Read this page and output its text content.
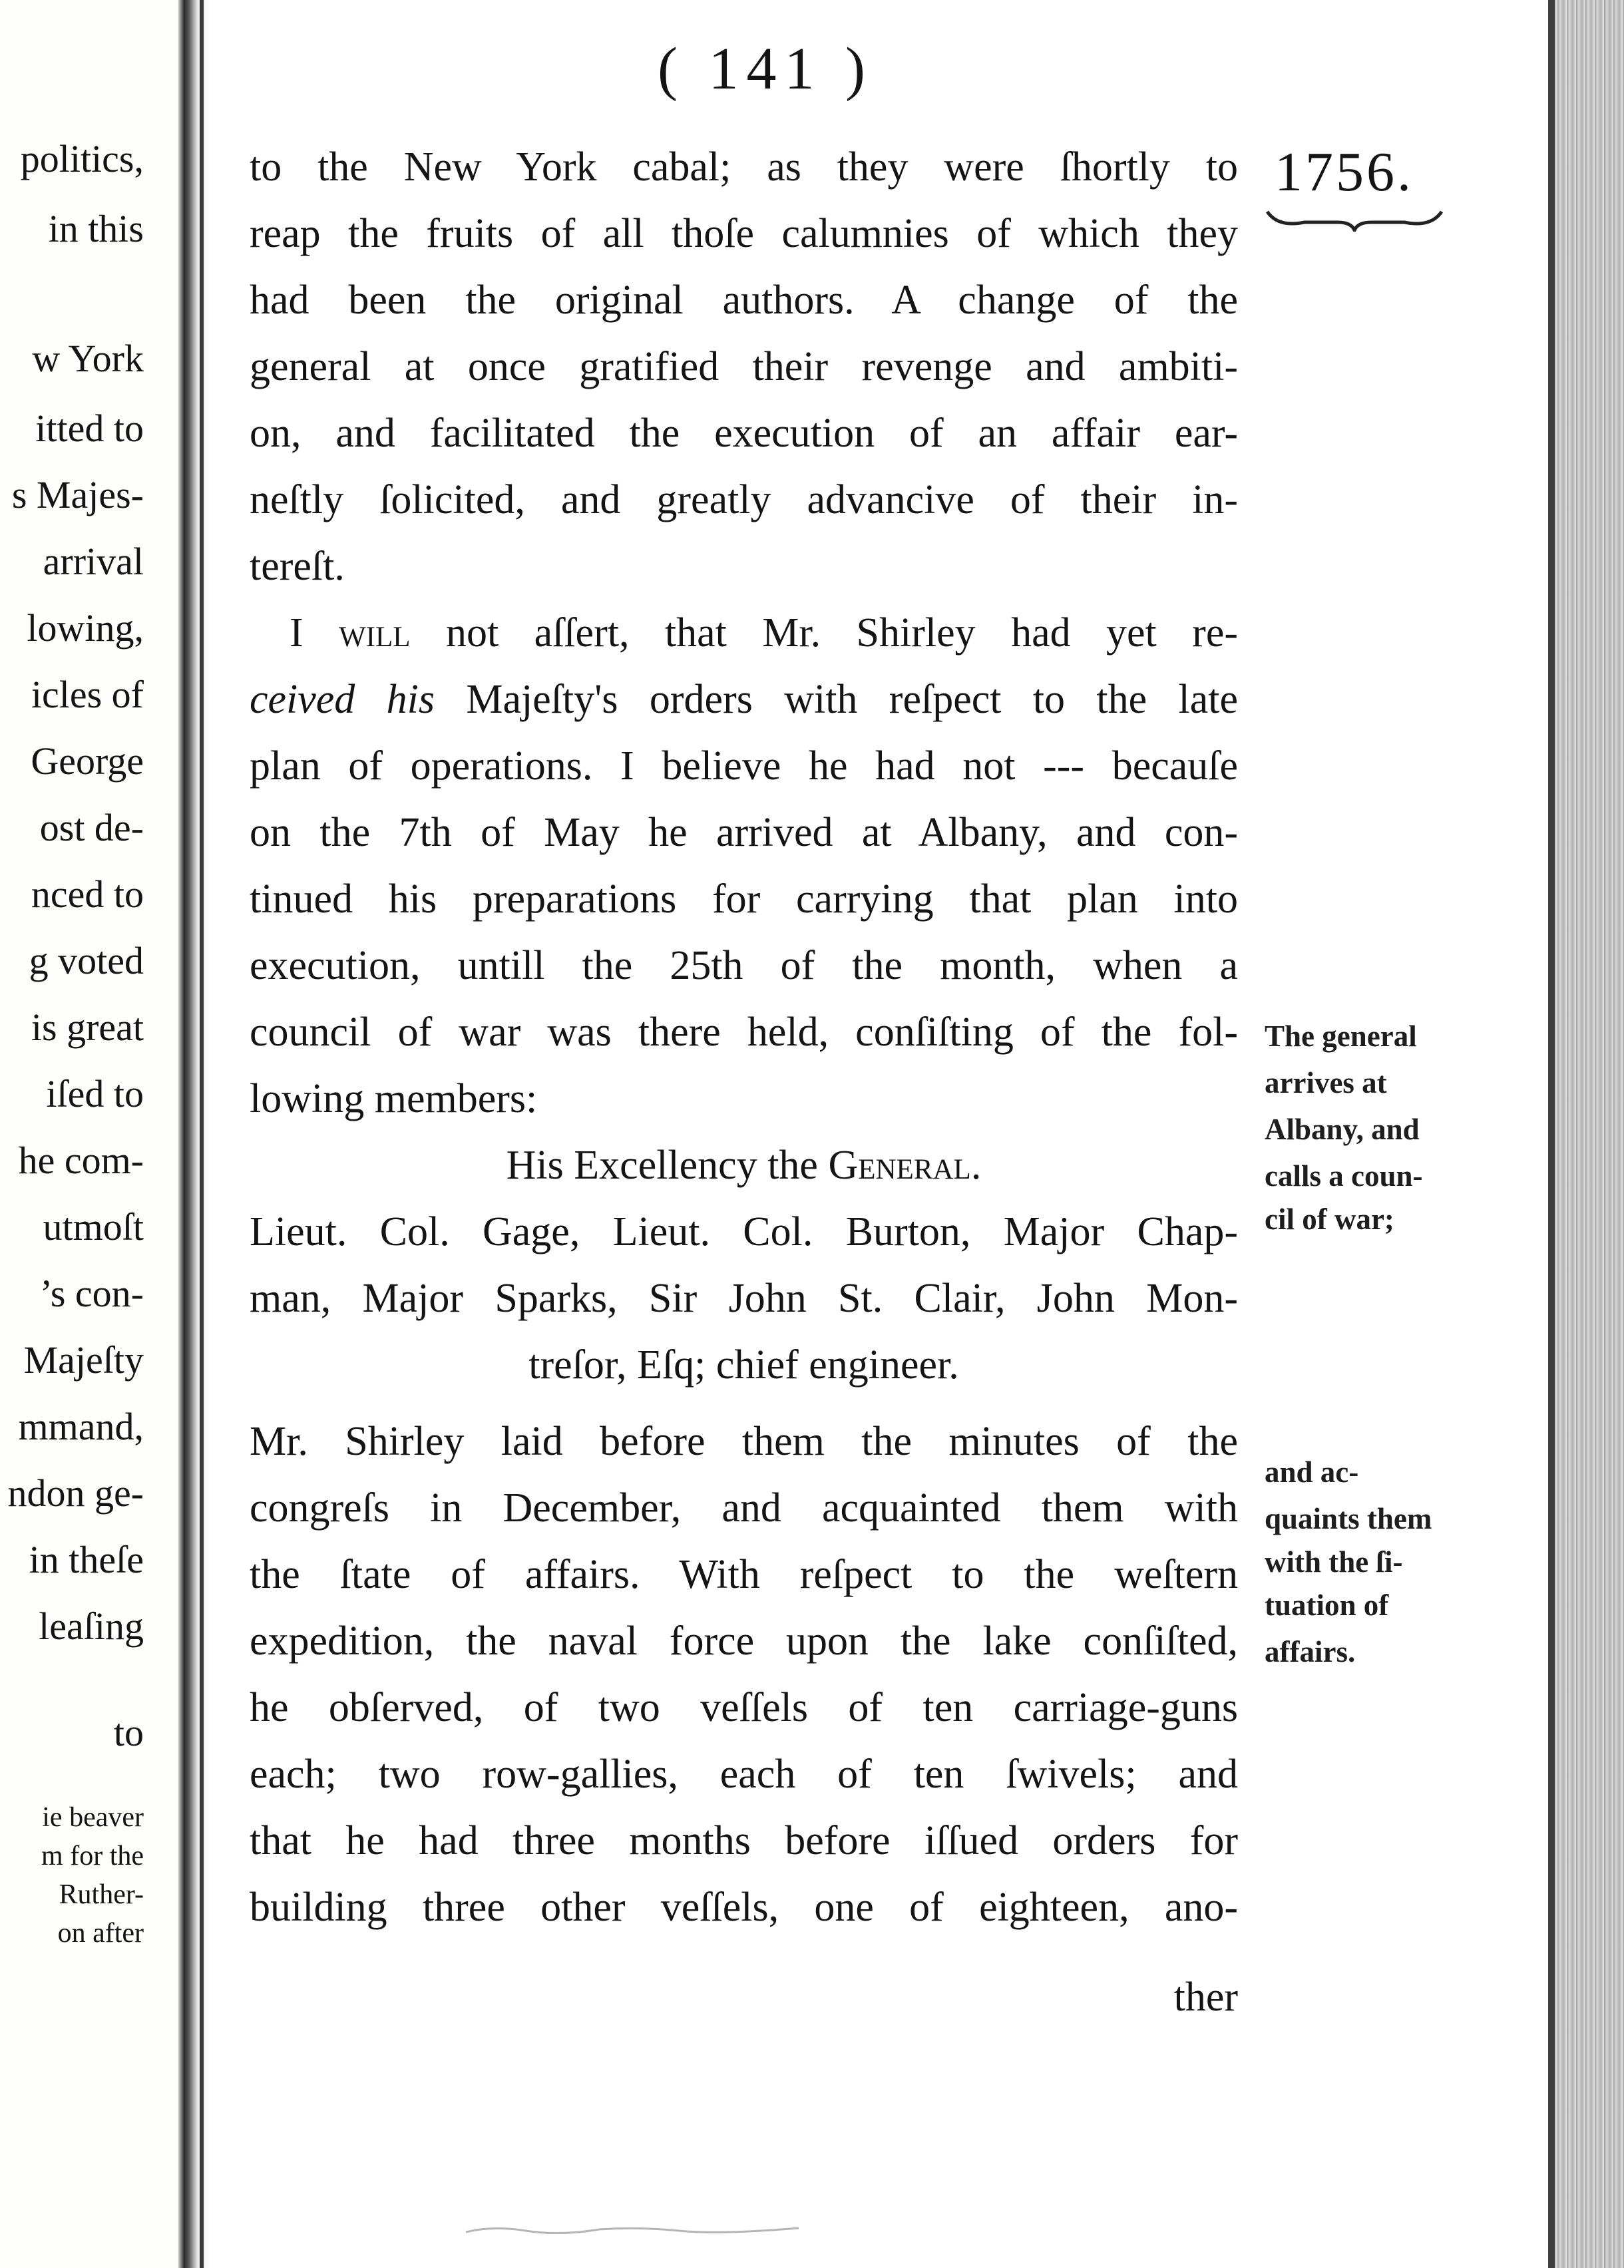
politics,
in this
w York
itted to
s Majes-
arrival
lowing,
icles of
George
ost de-
nced to
g voted
is great
iſed to
he com-
utmoſt
’s con-
Majeſty
mmand,
ndon ge-
in theſe
leaſing
to
ie beaver
m for the
Ruther-
on after
( 141 )
1756.
to the New York cabal; as they were ſhortly to
reap the fruits of all thoſe calumnies of which they
had been the original authors. A change of the
general at once gratified their revenge and ambiti-
on, and facilitated the execution of an affair ear-
neſtly ſolicited, and greatly advancive of their in-
tereſt.
I will not aſſert, that Mr. Shirley had yet re-
ceived his Majeſty's orders with reſpect to the late
plan of operations. I believe he had not --- becauſe
on the 7th of May he arrived at Albany, and con-
tinued his preparations for carrying that plan into
execution, untill the 25th of the month, when a
council of war was there held, conſiſting of the fol-
lowing members:
His Excellency the General.
Lieut. Col. Gage, Lieut. Col. Burton, Major Chap-
man, Major Sparks, Sir John St. Clair, John Mon-
treſor, Eſq; chief engineer.
Mr. Shirley laid before them the minutes of the
congreſs in December, and acquainted them with
the ſtate of affairs. With reſpect to the weſtern
expedition, the naval force upon the lake conſiſted,
he obſerved, of two veſſels of ten carriage-guns
each; two row-gallies, each of ten ſwivels; and
that he had three months before iſſued orders for
building three other veſſels, one of eighteen, ano-
ther
The general
arrives at
Albany, and
calls a coun-
cil of war;
and ac-
quaints them
with the ſi-
tuation of
affairs.
